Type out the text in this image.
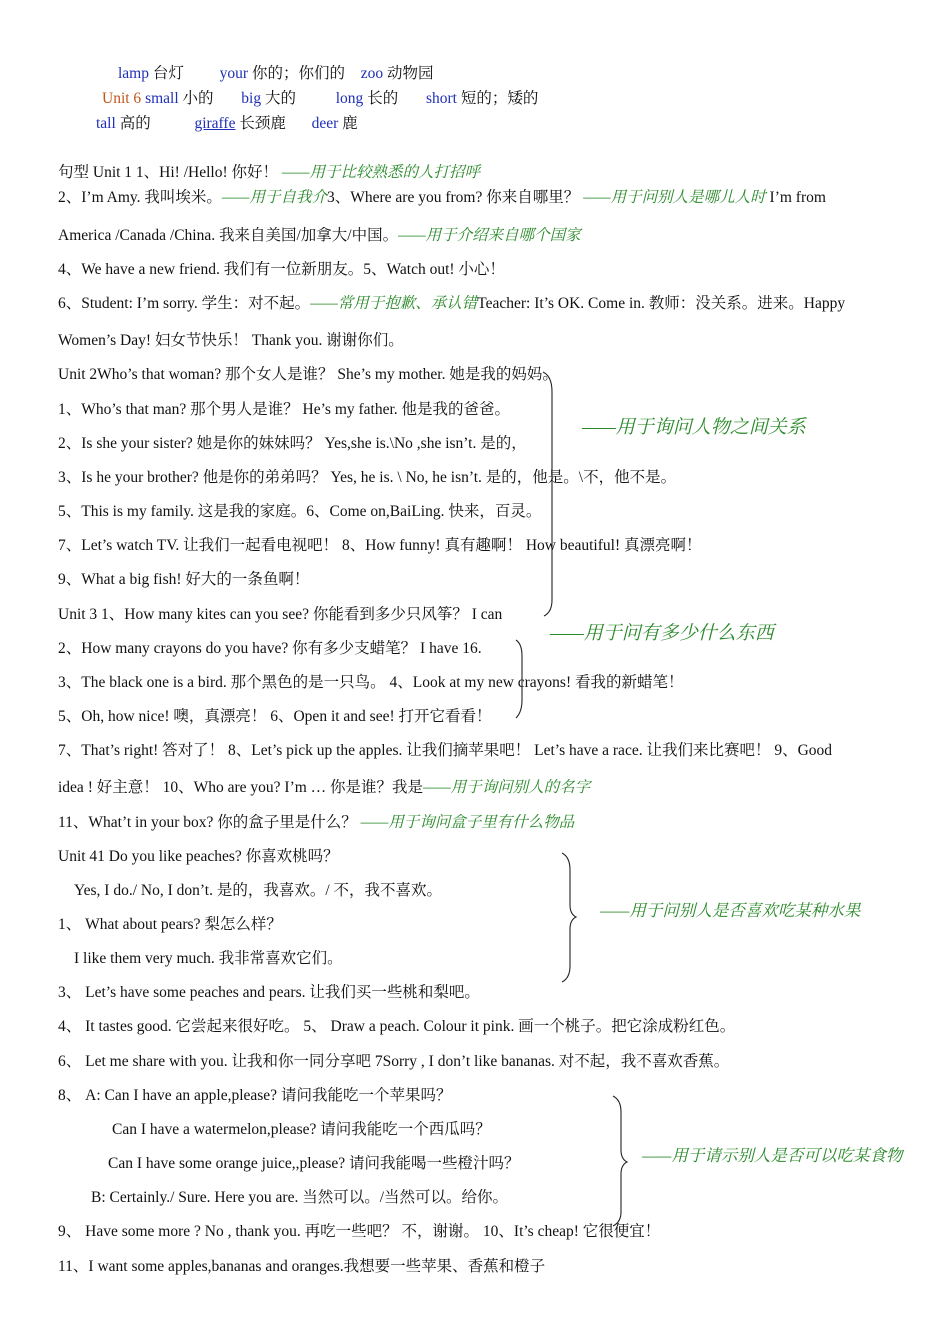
lamp 台灯 your 你的；你们的 zoo 动物园
Unit 6 small 小的 big 大的	long 长的 short 短的；矮的
tall 高的	giraffe 长颈鹿 deer 鹿
句型 Unit 1 1、Hi! /Hello! 你好！ ——用于比较熟悉的人打招呼
2、I’m Amy. 我叫埃米。——用于自我介3、Where are you from? 你来自哪里？ ——用于问别人是哪儿人时 I’m from
America /Canada /China. 我来自美国/加拿大/中国。——用于介绍来自哪个国家
4、We have a new friend. 我们有一位新朋友。5、Watch out! 小心！
6、Student: I’m sorry. 学生：对不起。——常用于抱歉、承认错Teacher: It’s OK. Come in. 教师：没关系。进来。Happy
Women’s Day! 妇女节快乐！ Thank you. 谢谢你们。
Unit 2Who’s that woman? 那个女人是谁？ She’s my mother. 她是我的妈妈。
1、Who’s that man? 那个男人是谁？ He’s my father. 他是我的爸爸。
2、Is she your sister? 她是你的妹妹吗？ Yes,she is.\No ,she isn’t. 是的，
3、Is he your brother? 他是你的弟弟吗？ Yes, he is. \ No, he isn’t. 是的，他是。\不，他不是。
5、This is my family. 这是我的家庭。6、Come on,BaiLing. 快来，百灵。
7、Let’s watch TV. 让我们一起看电视吧！ 8、How funny! 真有趣啊！ How beautiful! 真漂亮啊！
9、What a big fish! 好大的一条鱼啊！
——用于询问人物之间关系
Unit 3 1、How many kites can you see? 你能看到多少只风筝？ I can
2、How many crayons do you have? 你有多少支蜡笔？ I have 16.
3、The black one is a bird. 那个黑色的是一只鸟。 4、Look at my new crayons! 看我的新蜡笔！
5、Oh, how nice! 噢，真漂亮！ 6、Open it and see! 打开它看看！
7、That’s right! 答对了！ 8、Let’s pick up the apples. 让我们摘苹果吧！ Let’s have a race. 让我们来比赛吧！ 9、Good
idea ! 好主意！ 10、Who are you? I’m … 你是谁？我是——用于询问别人的名字
11、What’t in your box? 你的盒子里是什么？ ——用于询问盒子里有什么物品
——用于问有多少什么东西
Unit 41 Do you like peaches? 你喜欢桃吗？
Yes, I do./ No, I don’t. 是的，我喜欢。/ 不，我不喜欢。
1、 What about pears? 梨怎么样？
I like them very much. 我非常喜欢它们。
3、 Let’s have some peaches and pears. 让我们买一些桃和梨吧。
4、 It tastes good. 它尝起来很好吃。 5、 Draw a peach. Colour it pink. 画一个桃子。把它涂成粉红色。
6、 Let me share with you. 让我和你一同分享吧 7Sorry , I don’t like bananas. 对不起，我不喜欢香蕉。
8、 A: Can I have an apple,please? 请问我能吃一个苹果吗？
Can I have a watermelon,please? 请问我能吃一个西瓜吗？
Can I have some orange juice,,please? 请问我能喝一些橙汁吗？
B: Certainly./ Sure. Here you are. 当然可以。/当然可以。给你。
9、 Have some more ? No , thank you. 再吃一些吧？ 不，谢谢。 10、It’s cheap! 它很便宜！
11、I want some apples,bananas and oranges.我想要一些苹果、香蕉和橙子
——用于问别人是否喜欢吃某种水果
——用于请示别人是否可以吃某食物
